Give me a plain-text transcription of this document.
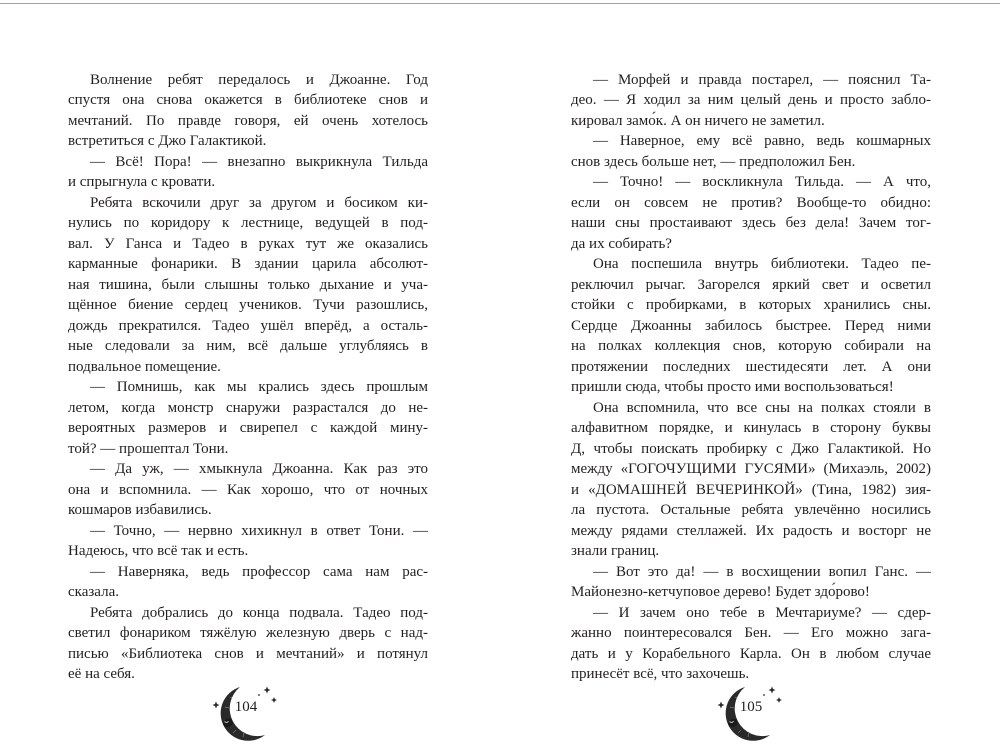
Волнение ребят передалось и Джоанне. Год
спустя она снова окажется в библиотеке снов и
мечтаний. По правде говоря, ей очень хотелось
встретиться с Джо Галактикой.
— Всё! Пора! — внезапно выкрикнула Тильда
и спрыгнула с кровати.
Ребята вскочили друг за другом и босиком ки-
нулись по коридору к лестнице, ведущей в под-
вал. У Ганса и Тадео в руках тут же оказались
карманные фонарики. В здании царила абсолют-
ная тишина, были слышны только дыхание и уча-
щённое биение сердец учеников. Тучи разошлись,
дождь прекратился. Тадео ушёл вперёд, а осталь-
ные следовали за ним, всё дальше углубляясь в
подвальное помещение.
— Помнишь, как мы крались здесь прошлым
летом, когда монстр снаружи разрастался до не-
вероятных размеров и свирепел с каждой мину-
той? — прошептал Тони.
— Да уж, — хмыкнула Джоанна. Как раз это
она и вспомнила. — Как хорошо, что от ночных
кошмаров избавились.
— Точно, — нервно хихикнул в ответ Тони. —
Надеюсь, что всё так и есть.
— Наверняка, ведь профессор сама нам рас-
сказала.
Ребята добрались до конца подвала. Тадео под-
светил фонариком тяжёлую железную дверь с над-
писью «Библиотека снов и мечтаний» и потянул
её на себя.
104
— Морфей и правда постарел, — пояснил Та-
део. — Я ходил за ним целый день и просто забло-
кировал замо́к. А он ничего не заметил.
— Наверное, ему всё равно, ведь кошмарных
снов здесь больше нет, — предположил Бен.
— Точно! — воскликнула Тильда. — А что,
если он совсем не против? Вообще-то обидно:
наши сны простаивают здесь без дела! Зачем тог-
да их собирать?
Она поспешила внутрь библиотеки. Тадео пе-
реключил рычаг. Загорелся яркий свет и осветил
стойки с пробирками, в которых хранились сны.
Сердце Джоанны забилось быстрее. Перед ними
на полках коллекция снов, которую собирали на
протяжении последних шестидесяти лет. А они
пришли сюда, чтобы просто ими воспользоваться!
Она вспомнила, что все сны на полках стояли в
алфавитном порядке, и кинулась в сторону буквы
Д, чтобы поискать пробирку с Джо Галактикой. Но
между «ГОГОЧУЩИМИ ГУСЯМИ» (Михаэль, 2002)
и «ДОМАШНЕЙ ВЕЧЕРИНКОЙ» (Тина, 1982) зия-
ла пустота. Остальные ребята увлечённо носились
между рядами стеллажей. Их радость и восторг не
знали границ.
— Вот это да! — в восхищении вопил Ганс. —
Майонезно-кетчуповое дерево! Будет здо́рово!
— И зачем оно тебе в Мечтариуме? — сдер-
жанно поинтересовался Бен. — Его можно зага-
дать и у Корабельного Карла. Он в любом случае
принесёт всё, что захочешь.
105
